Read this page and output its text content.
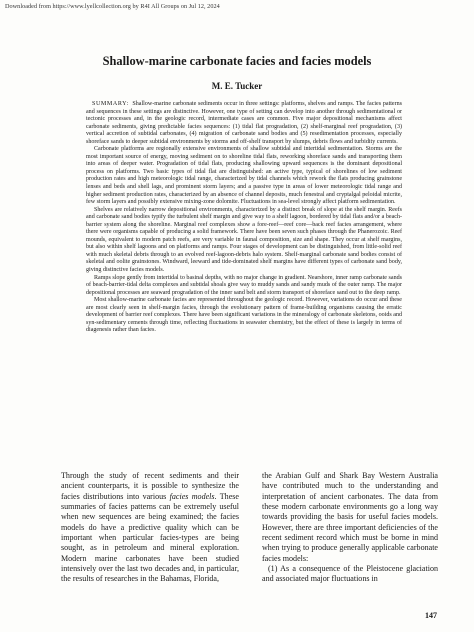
Downloaded from https://www.lyellcollection.org by R4I All Groups on Jul 12, 2024
Shallow-marine carbonate facies and facies models
M. E. Tucker

SUMMARY: Shallow-marine carbonate sediments occur in three settings: platforms, shelves and ramps. The facies patterns and sequences in these settings are distinctive. However, one type of setting can develop into another through sedimentational or tectonic processes and, in the geologic record, intermediate cases are common. Five major depositional mechanisms affect carbonate sediments, giving predictable facies sequences: (1) tidal flat progradation, (2) shelf-marginal reef progradation, (3) vertical accretion of subtidal carbonates, (4) migration of carbonate sand bodies and (5) resedimentation processes, especially shoreface sands to deeper subtidal environments by storms and off-shelf transport by slumps, debris flows and turbidity currents.

Carbonate platforms are regionally extensive environments of shallow subtidal and intertidal sedimentation. Storms are the most important source of energy, moving sediment on to shoreline tidal flats, reworking shoreface sands and transporting them into areas of deeper water. Progradation of tidal flats, producing shallowing upward sequences is the dominant depositional process on platforms. Two basic types of tidal flat are distinguished: an active type, typical of shorelines of low sediment production rates and high meteorologic tidal range, characterized by tidal channels which rework the flats producing grainstone lenses and beds and shell lags, and prominent storm layers; and a passive type in areas of lower meteorologic tidal range and higher sediment production rates, characterized by an absence of channel deposits, much fenestral and cryptalgal peloidal micrite, few storm layers and possibly extensive mixing-zone dolomite. Fluctuations in sea-level strongly affect platform sedimentation.

Shelves are relatively narrow depositional environments, characterized by a distinct break of slope at the shelf margin. Reefs and carbonate sand bodies typify the turbulent shelf margin and give way to a shelf lagoon, bordered by tidal flats and/or a beach-barrier system along the shoreline. Marginal reef complexes show a fore-reef—reef core—back reef facies arrangement, where there were organisms capable of producing a solid framework. There have been seven such phases through the Phanerozoic. Reef mounds, equivalent to modern patch reefs, are very variable in faunal composition, size and shape. They occur at shelf margins, but also within shelf lagoons and on platforms and ramps. Four stages of development can be distinguished, from little-solid reef with much skeletal debris through to an evolved reef-lagoon-debris halo system. Shelf-marginal carbonate sand bodies consist of skeletal and oolite grainstones. Windward, leeward and tide-dominated shelf margins have different types of carbonate sand body, giving distinctive facies models.

Ramps slope gently from intertidal to basinal depths, with no major change in gradient. Nearshore, inner ramp carbonate sands of beach-barrier-tidal delta complexes and subtidal shoals give way to muddy sands and sandy muds of the outer ramp. The major depositional processes are seaward progradation of the inner sand belt and storm transport of shoreface sand out to the deep ramp.

Most shallow-marine carbonate facies are represented throughout the geologic record. However, variations do occur and these are most clearly seen in shelf-margin facies, through the evolutionary pattern of frame-building organisms causing the erratic development of barrier reef complexes. There have been significant variations in the mineralogy of carbonate skeletons, ooids and syn-sedimentary cements through time, reflecting fluctuations in seawater chemistry, but the effect of these is largely in terms of diagenesis rather than facies.

Through the study of recent sediments and their ancient counterparts, it is possible to synthesize the facies distributions into various facies models. These summaries of facies patterns can be extremely useful when new sequences are being examined; the facies models do have a predictive quality which can be important when particular facies-types are being sought, as in petroleum and mineral exploration. Modern marine carbonates have been studied intensively over the last two decades and, in particular, the results of researches in the Bahamas, Florida,

the Arabian Gulf and Shark Bay Western Australia have contributed much to the understanding and interpretation of ancient carbonates. The data from these modern carbonate environments go a long way towards providing the basis for useful facies models. However, there are three important deficiencies of the recent sediment record which must be borne in mind when trying to produce generally applicable carbonate facies models:

(1) As a consequence of the Pleistocene glaciation and associated major fluctuations in

147
